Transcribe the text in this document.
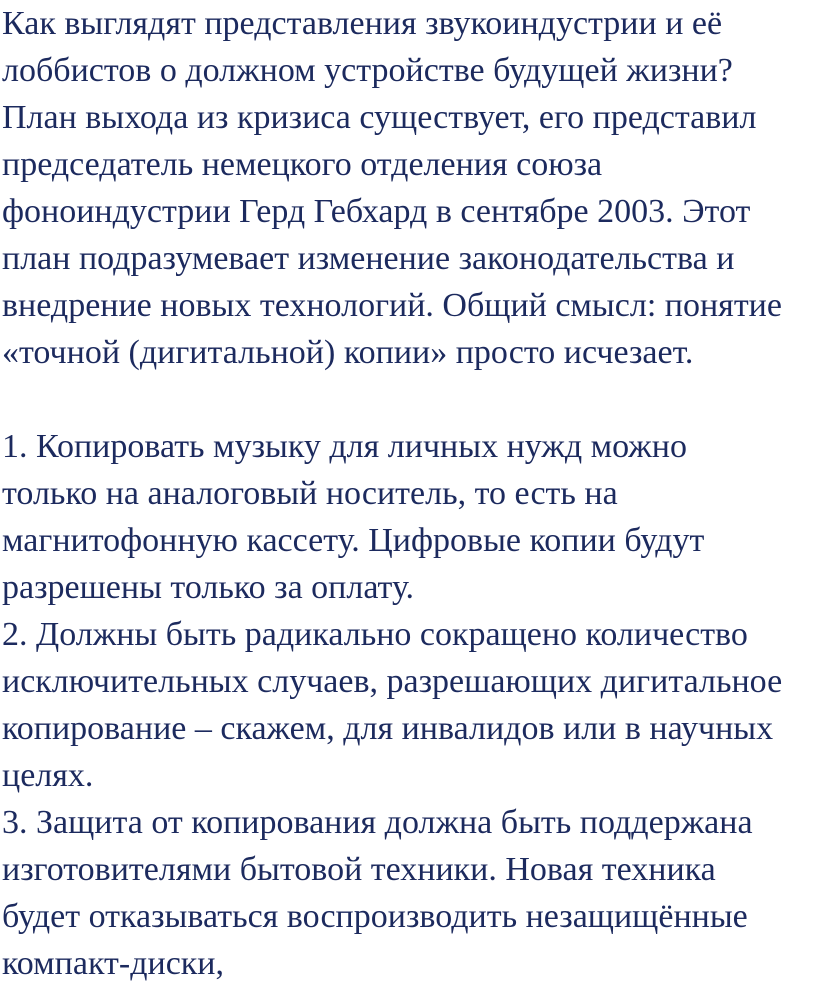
Как выглядят представления звукоиндустрии и её
лоббистов о должном устройстве будущей жизни?
План выхода из кризиса существует, его представил
председатель немецкого отделения союза
фоноиндустрии Герд Гебхард в сентябре 2003. Этот
план подразумевает изменение законодательства и
внедрение новых технологий. Общий смысл: понятие
«точной (дигитальной) копии» просто исчезает.

1. Копировать музыку для личных нужд можно
только на аналоговый носитель, то есть на
магнитофонную кассету. Цифровые копии будут
разрешены только за оплату.

2. Должны быть радикально сокращено количество
исключительных случаев, разрешающих дигитальное
копирование – скажем, для инвалидов или в научных
целях.

3. Защита от копирования должна быть поддержана
изготовителями бытовой техники. Новая техника
будет отказываться воспроизводить незащищённые
компакт-диски,
